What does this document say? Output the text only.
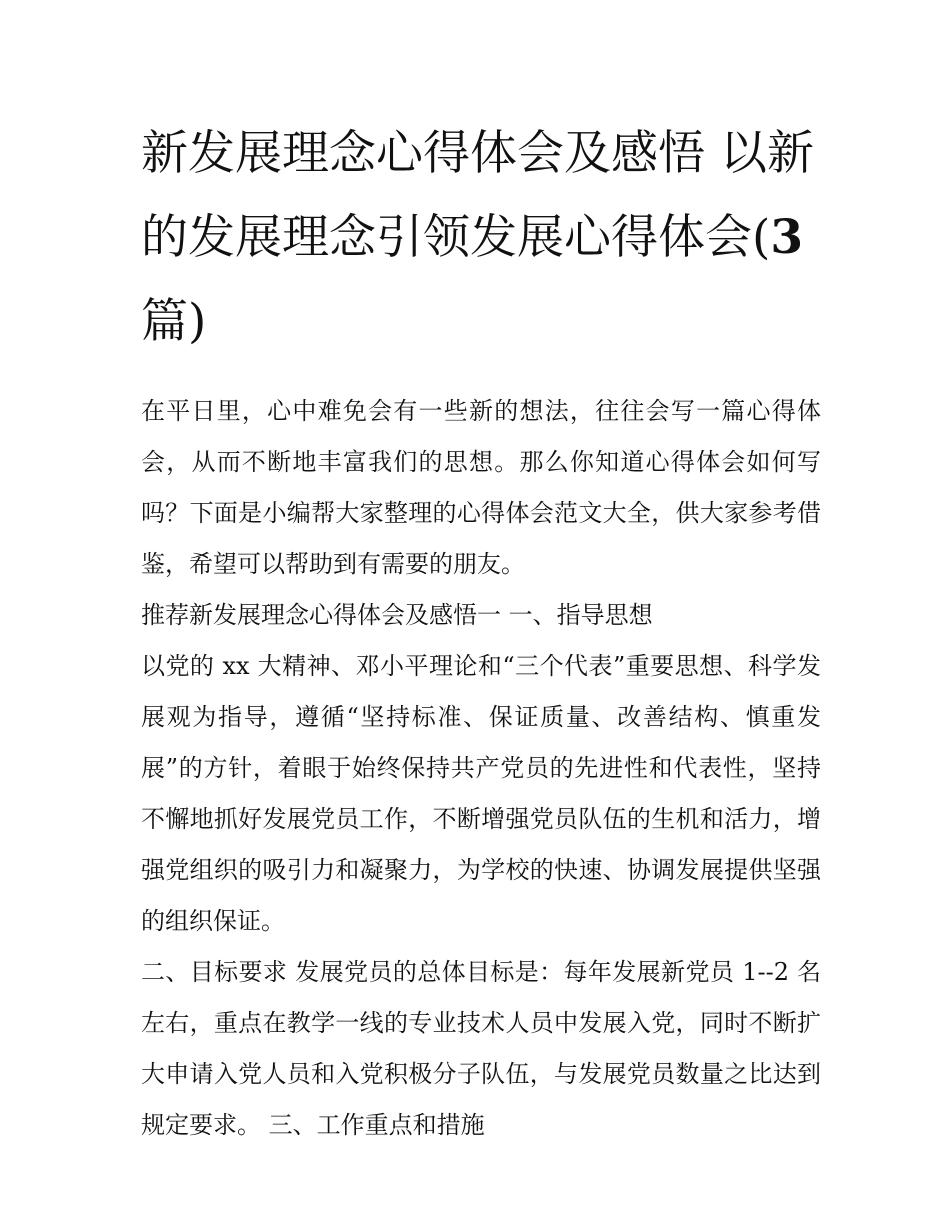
新发展理念心得体会及感悟 以新的发展理念引领发展心得体会(3 篇)

在平日里，心中难免会有一些新的想法，往往会写一篇心得体会，从而不断地丰富我们的思想。那么你知道心得体会如何写吗？下面是小编帮大家整理的心得体会范文大全，供大家参考借鉴，希望可以帮助到有需要的朋友。

推荐新发展理念心得体会及感悟一 一、指导思想

以党的 xx 大精神、邓小平理论和“三个代表”重要思想、科学发展观为指导，遵循“坚持标准、保证质量、改善结构、慎重发展”的方针，着眼于始终保持共产党员的先进性和代表性，坚持不懈地抓好发展党员工作，不断增强党员队伍的生机和活力，增强党组织的吸引力和凝聚力，为学校的快速、协调发展提供坚强的组织保证。

二、目标要求 发展党员的总体目标是：每年发展新党员 1--2 名左右，重点在教学一线的专业技术人员中发展入党，同时不断扩大申请入党人员和入党积极分子队伍，与发展党员数量之比达到规定要求。 三、工作重点和措施
